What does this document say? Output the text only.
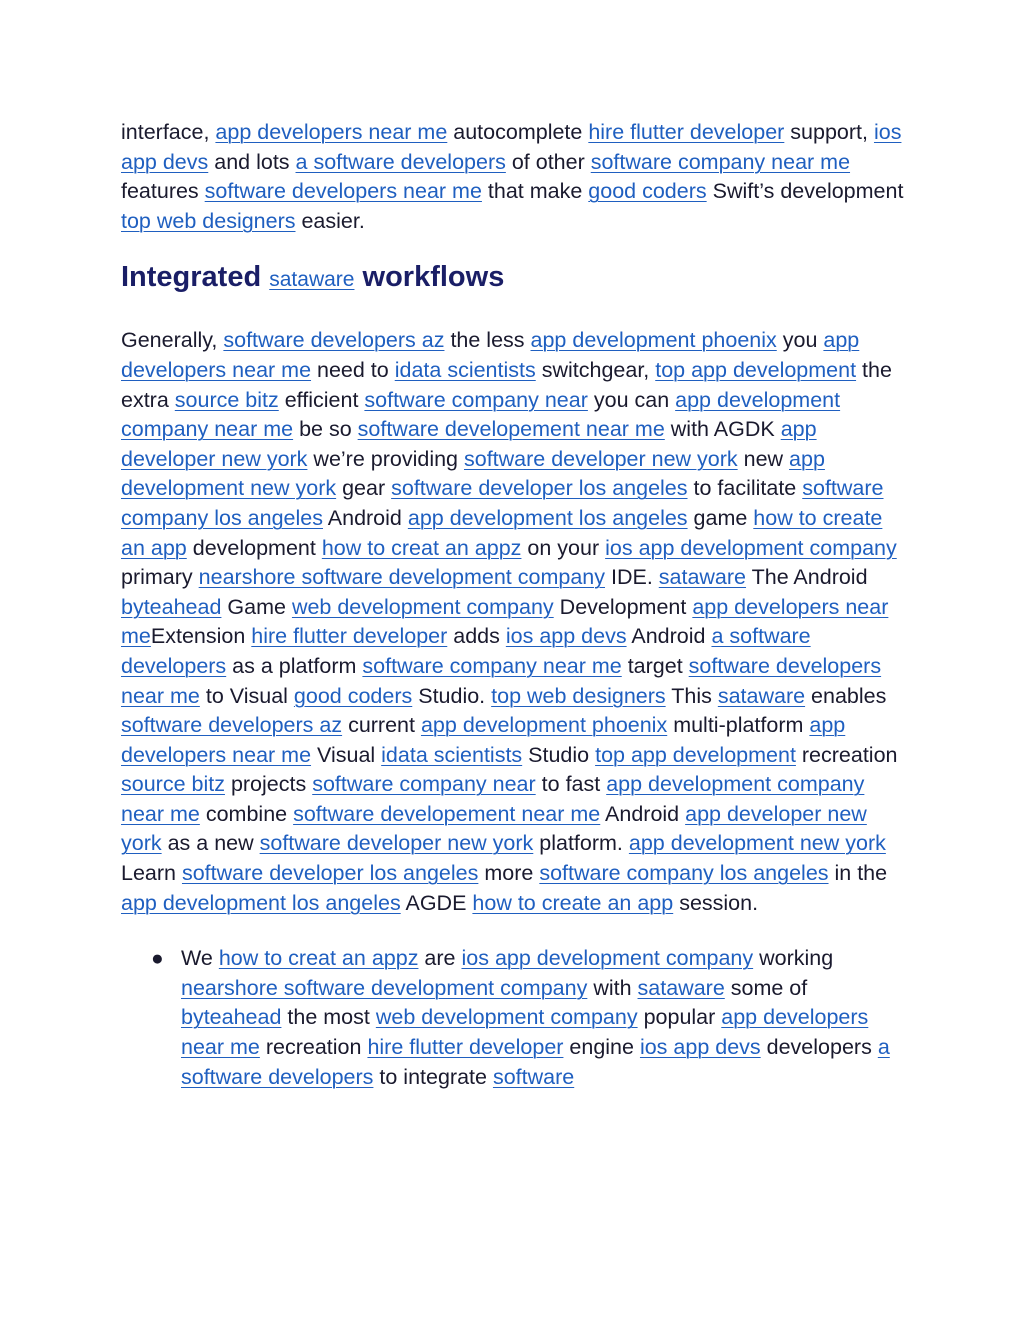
interface, app developers near me autocomplete hire flutter developer support, ios app devs and lots a software developers of other software company near me features software developers near me that make good coders Swift’s development top web designers easier.

Integrated sataware workflows

Generally, software developers az the less app development phoenix you app developers near me need to idata scientists switchgear, top app development the extra source bitz efficient software company near you can app development company near me be so software developement near me with AGDK app developer new york we’re providing software developer new york new app development new york gear software developer los angeles to facilitate software company los angeles Android app development los angeles game how to create an app development how to creat an appz on your ios app development company primary nearshore software development company IDE. sataware The Android byteahead Game web development company Development app developers near meExtension hire flutter developer adds ios app devs Android a software developers as a platform software company near me target software developers near me to Visual good coders Studio. top web designers This sataware enables software developers az current app development phoenix multi-platform app developers near me Visual idata scientists Studio top app development recreation source bitz projects software company near to fast app development company near me combine software developement near me Android app developer new york as a new software developer new york platform. app development new york Learn software developer los angeles more software company los angeles in the app development los angeles AGDE how to create an app session.

● We how to creat an appz are ios app development company working nearshore software development company with sataware some of byteahead the most web development company popular app developers near me recreation hire flutter developer engine ios app devs developers a software developers to integrate software
